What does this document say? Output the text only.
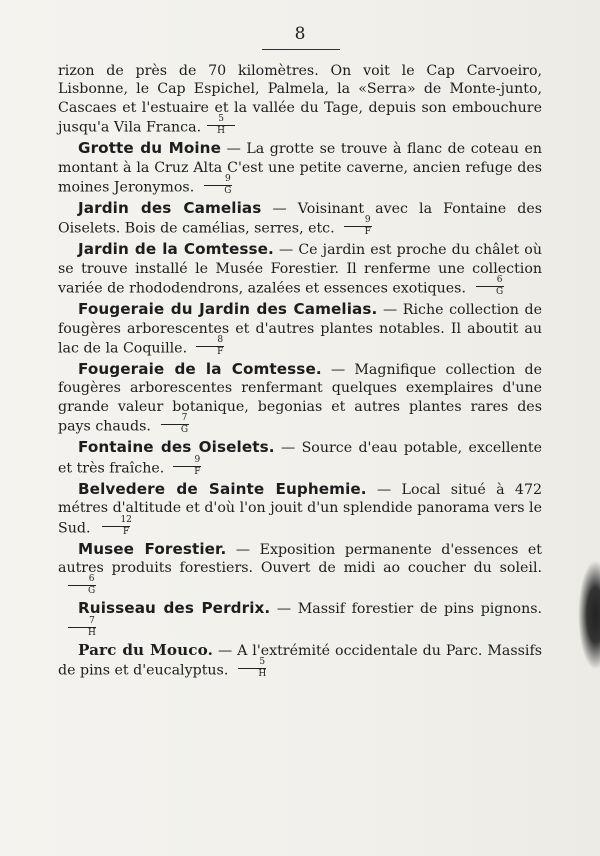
8

rizon de près de 70 kilomètres. On voit le Cap Carvoeiro, Lisbonne, le Cap Espichel, Palmela, la «Serra» de Monte-junto, Cascaes et l'estuaire et la vallée du Tage, depuis son embouchure jusqu'a Vila Franca. $\frac{5}{H}$

Grotte du Moine — La grotte se trouve à flanc de coteau en montant à la Cruz Alta C'est une petite caverne, ancien refuge des moines Jeronymos. $\frac{9}{G}$

Jardin des Camelias — Voisinant avec la Fontaine des Oiselets. Bois de camélias, serres, etc. $\frac{9}{F}$

Jardin de la Comtesse. — Ce jardin est proche du châlet où se trouve installé le Musée Forestier. Il renferme une collection variée de rhododendrons, azalées et essences exotiques. $\frac{6}{G}$

Fougeraie du Jardin des Camelias. — Riche collection de fougères arborescentes et d'autres plantes notables. Il aboutit au lac de la Coquille. $\frac{8}{F}$

Fougeraie de la Comtesse. — Magnifique collection de fougères arborescentes renfermant quelques exemplaires d'une grande valeur botanique, begonias et autres plantes rares des pays chauds. $\frac{7}{G}$

Fontaine des Oiselets. — Source d'eau potable, excellente et très fraîche. $\frac{9}{F}$

Belvedere de Sainte Euphemie. — Local situé à 472 métres d'altitude et d'où l'on jouit d'un splendide panorama vers le Sud. $\frac{12}{F}$

Musee Forestier. — Exposition permanente d'essences et autres produits forestiers. Ouvert de midi ao coucher du soleil.
$\frac{6}{G}$

Ruisseau des Perdrix. — Massif forestier de pins pignons.
$\frac{7}{H}$

Parc du Mouco. — A l'extrémité occidentale du Parc. Massifs de pins et d'eucalyptus. $\frac{5}{H}$
